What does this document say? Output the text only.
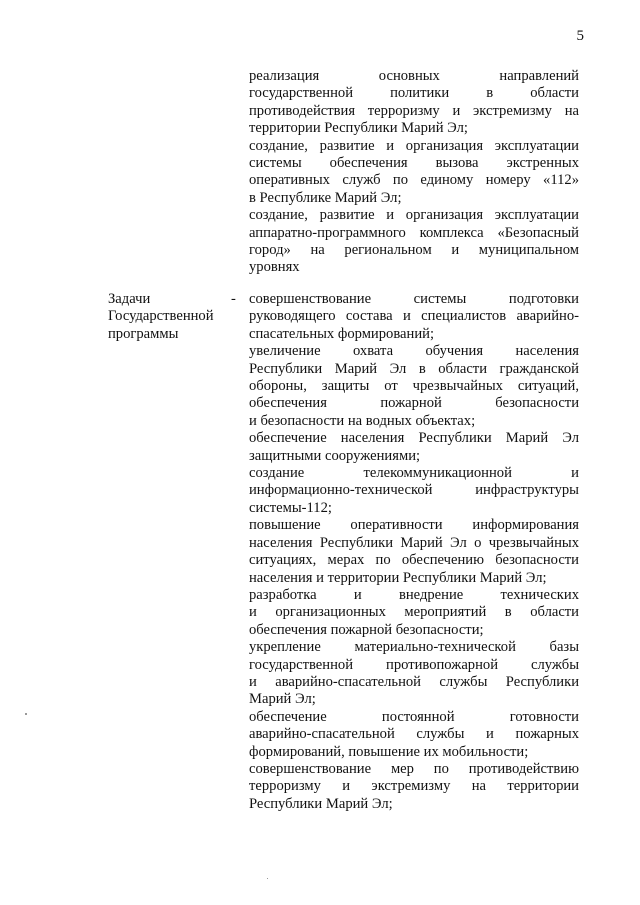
5
реализация основных направлений
государственной политики в области
противодействия терроризму и экстремизму на
территории Республики Марий Эл;
создание, развитие и организация эксплуатации
системы обеспечения вызова экстренных
оперативных служб по единому номеру «112»
в Республике Марий Эл;
создание, развитие и организация эксплуатации
аппаратно-программного комплекса «Безопасный
город» на региональном и муниципальном
уровнях
Задачи
Государственной
программы
- совершенствование системы подготовки
руководящего состава и специалистов аварийно-
спасательных формирований;
увеличение охвата обучения населения
Республики Марий Эл в области гражданской
обороны, защиты от чрезвычайных ситуаций,
обеспечения пожарной безопасности
и безопасности на водных объектах;
обеспечение населения Республики Марий Эл
защитными сооружениями;
создание телекоммуникационной и
информационно-технической инфраструктуры
системы-112;
повышение оперативности информирования
населения Республики Марий Эл о чрезвычайных
ситуациях, мерах по обеспечению безопасности
населения и территории Республики Марий Эл;
разработка и внедрение технических
и организационных мероприятий в области
обеспечения пожарной безопасности;
укрепление материально-технической базы
государственной противопожарной службы
и аварийно-спасательной службы Республики
Марий Эл;
обеспечение постоянной готовности
аварийно-спасательной службы и пожарных
формирований, повышение их мобильности;
совершенствование мер по противодействию
терроризму и экстремизму на территории
Республики Марий Эл;
